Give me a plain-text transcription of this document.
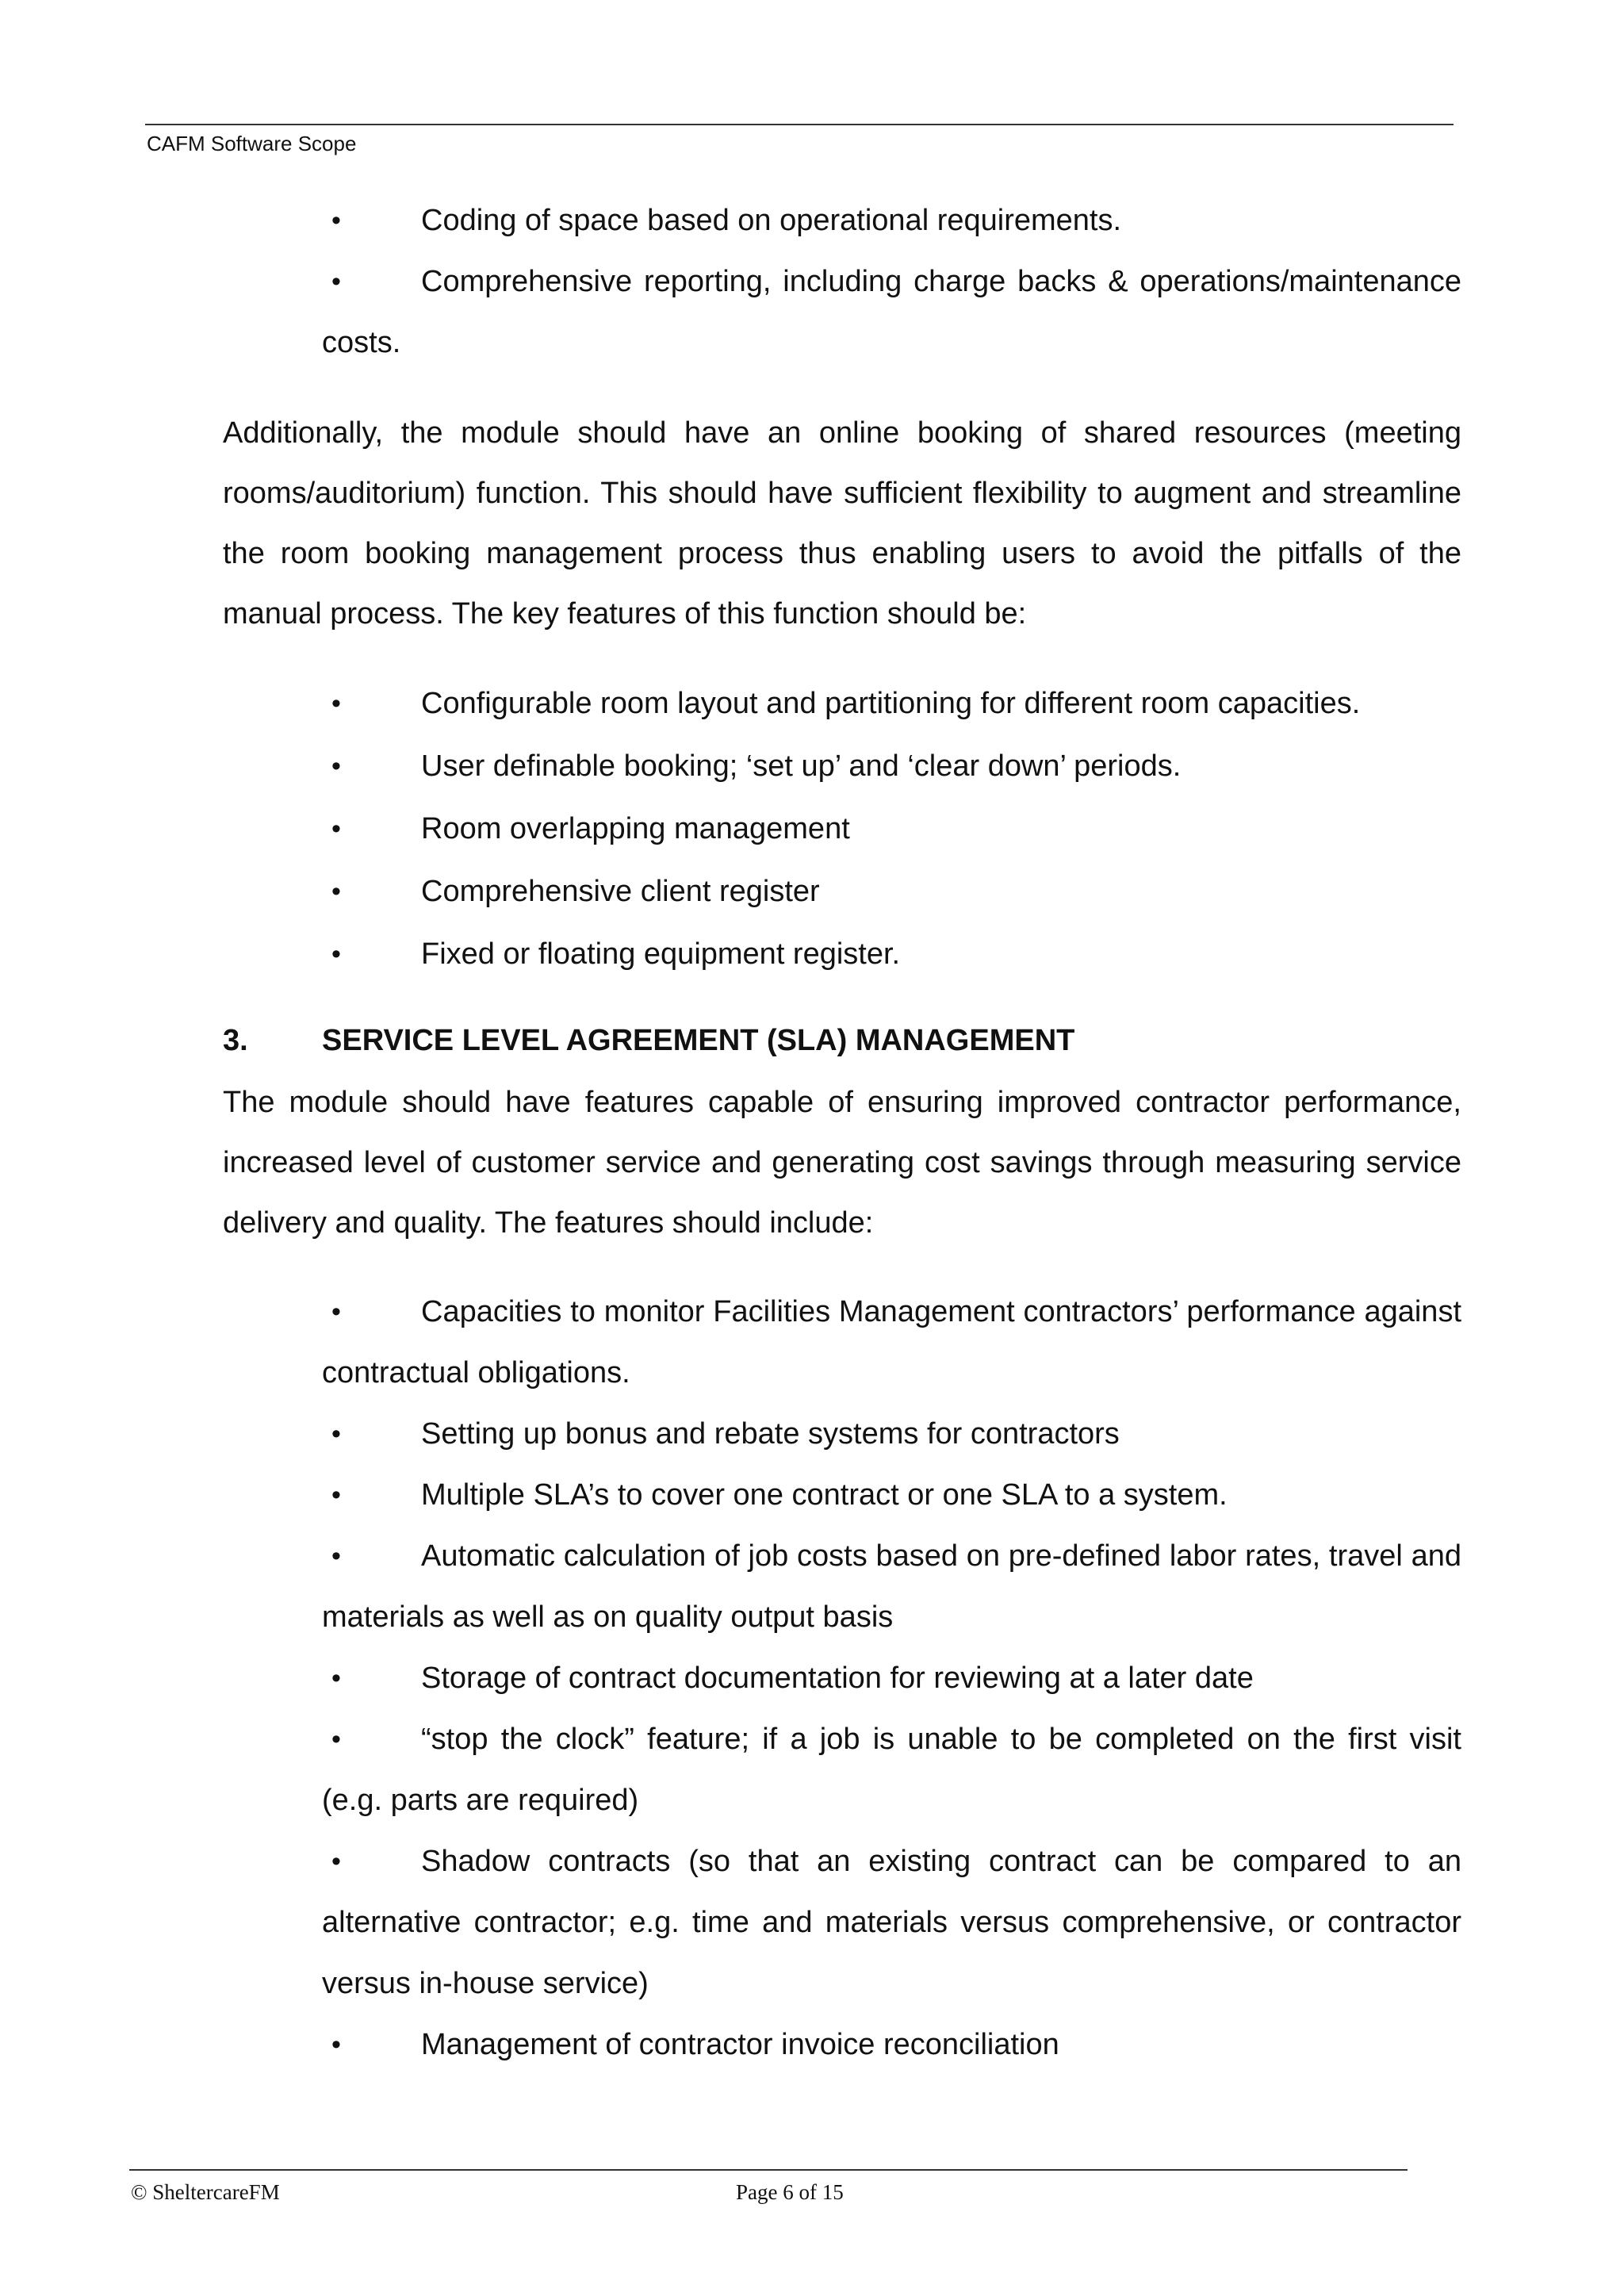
CAFM Software Scope
•	Coding of space based on operational requirements.
•	Comprehensive reporting, including charge backs & operations/maintenance costs.

Additionally, the module should have an online booking of shared resources (meeting rooms/auditorium) function. This should have sufficient flexibility to augment and streamline the room booking management process thus enabling users to avoid the pitfalls of the manual process. The key features of this function should be:

•	Configurable room layout and partitioning for different room capacities.
•	User definable booking; ‘set up’ and ‘clear down’ periods.
•	Room overlapping management
•	Comprehensive client register
•	Fixed or floating equipment register.
3. SERVICE LEVEL AGREEMENT (SLA) MANAGEMENT

The module should have features capable of ensuring improved contractor performance, increased level of customer service and generating cost savings through measuring service delivery and quality. The features should include:

•	Capacities to monitor Facilities Management contractors’ performance against contractual obligations.
•	Setting up bonus and rebate systems for contractors
•	Multiple SLA’s to cover one contract or one SLA to a system.
•	Automatic calculation of job costs based on pre-defined labor rates, travel and materials as well as on quality output basis
•	Storage of contract documentation for reviewing at a later date
•	“stop the clock” feature; if a job is unable to be completed on the first visit (e.g. parts are required)
•	Shadow contracts (so that an existing contract can be compared to an alternative contractor; e.g. time and materials versus comprehensive, or contractor versus in-house service)
•	Management of contractor invoice reconciliation
© SheltercareFM	Page 6 of 15
